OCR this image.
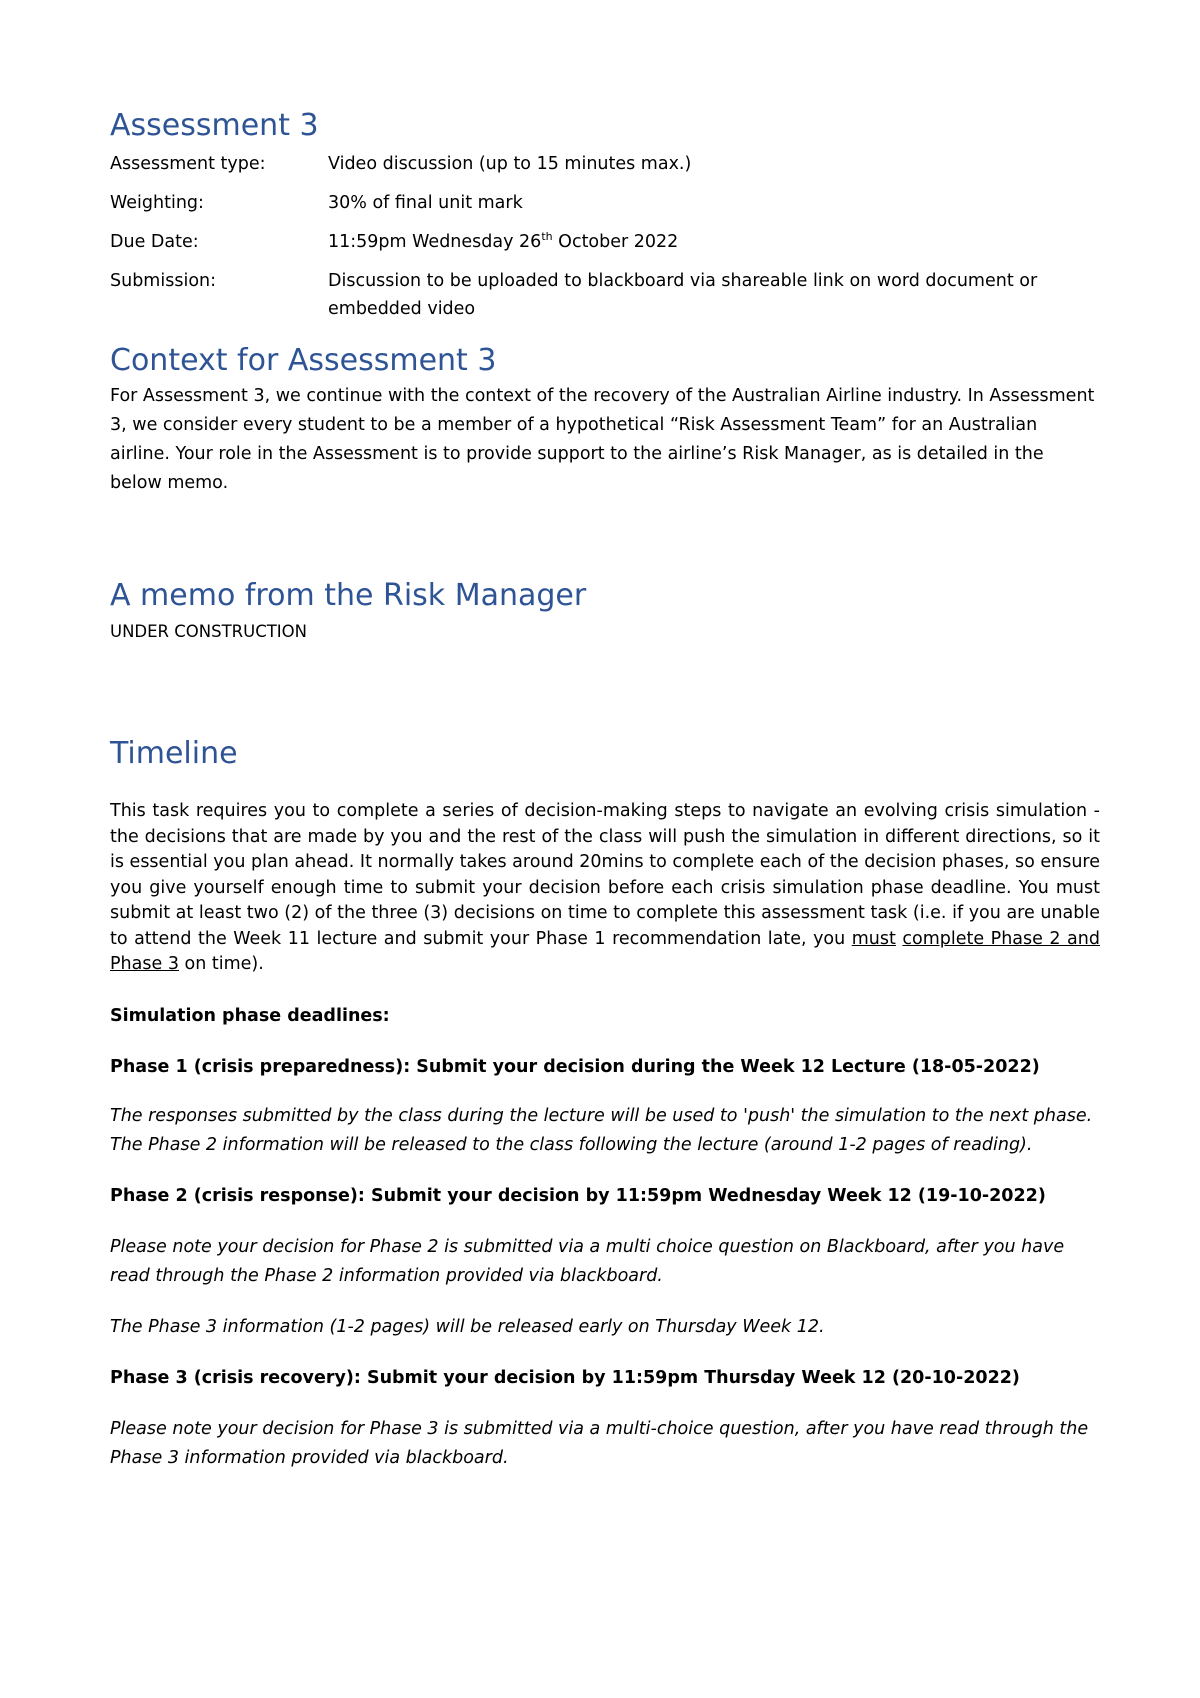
Assessment 3
Assessment type:	Video discussion (up to 15 minutes max.)
Weighting:	30% of final unit mark
Due Date:	11:59pm Wednesday 26th October 2022
Submission:	Discussion to be uploaded to blackboard via shareable link on word document or embedded video
Context for Assessment 3

For Assessment 3, we continue with the context of the recovery of the Australian Airline industry. In Assessment 3, we consider every student to be a member of a hypothetical “Risk Assessment Team” for an Australian airline. Your role in the Assessment is to provide support to the airline’s Risk Manager, as is detailed in the below memo.

A memo from the Risk Manager

UNDER CONSTRUCTION

Timeline

This task requires you to complete a series of decision-making steps to navigate an evolving crisis simulation - the decisions that are made by you and the rest of the class will push the simulation in different directions, so it is essential you plan ahead. It normally takes around 20mins to complete each of the decision phases, so ensure you give yourself enough time to submit your decision before each crisis simulation phase deadline. You must submit at least two (2) of the three (3) decisions on time to complete this assessment task (i.e. if you are unable to attend the Week 11 lecture and submit your Phase 1 recommendation late, you must complete Phase 2 and Phase 3 on time).

Simulation phase deadlines:

Phase 1 (crisis preparedness): Submit your decision during the Week 12 Lecture (18-05-2022)

The responses submitted by the class during the lecture will be used to 'push' the simulation to the next phase. The Phase 2 information will be released to the class following the lecture (around 1-2 pages of reading).

Phase 2 (crisis response): Submit your decision by 11:59pm Wednesday Week 12 (19-10-2022)

Please note your decision for Phase 2 is submitted via a multi choice question on Blackboard, after you have read through the Phase 2 information provided via blackboard.

The Phase 3 information (1-2 pages) will be released early on Thursday Week 12.

Phase 3 (crisis recovery): Submit your decision by 11:59pm Thursday Week 12 (20-10-2022)

Please note your decision for Phase 3 is submitted via a multi-choice question, after you have read through the Phase 3 information provided via blackboard.
